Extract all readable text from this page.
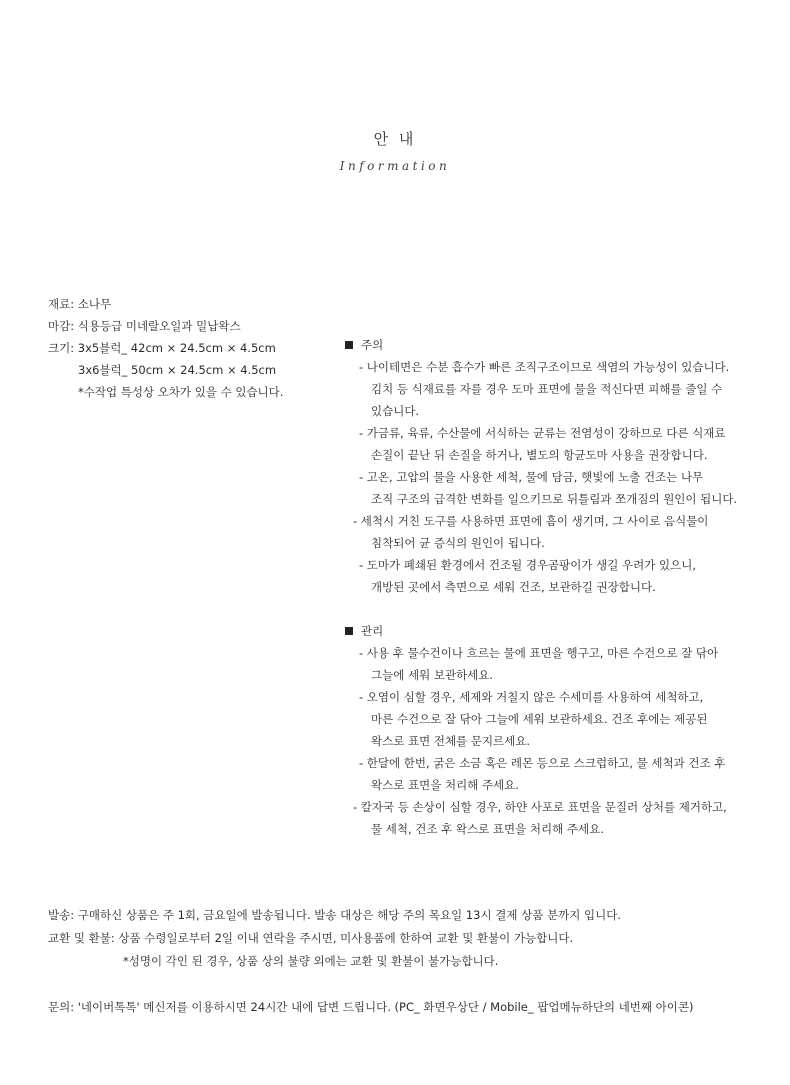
안 내
Information
재료: 소나무
마감: 식용등급 미네랄오일과 밀납왁스
크기: 3x5블럭_ 42cm × 24.5cm × 4.5cm
3x6블럭_ 50cm × 24.5cm × 4.5cm
*수작업 특성상 오차가 있을 수 있습니다.
주의
- 나이테면은 수분 흡수가 빠른 조직구조이므로 색염의 가능성이 있습니다.
김치 등 식재료를 자를 경우 도마 표면에 물을 적신다면 피해를 줄일 수
있습니다.
- 가금류, 육류, 수산물에 서식하는 균류는 전염성이 강하므로 다른 식재료
손질이 끝난 뒤 손질을 하거나, 별도의 항균도마 사용을 권장합니다.
- 고온, 고압의 물을 사용한 세척, 물에 담금, 햇빛에 노출 건조는 나무
조직 구조의 급격한 변화를 일으키므로 뒤틀림과 쪼개짐의 원인이 됩니다.
- 세척시 거친 도구를 사용하면 표면에 흠이 생기며, 그 사이로 음식물이
침착되어 균 증식의 원인이 됩니다.
- 도마가 폐쇄된 환경에서 건조될 경우곰팡이가 생길 우려가 있으니,
개방된 곳에서 측면으로 세워 건조, 보관하길 권장합니다.
관리
- 사용 후 물수건이나 흐르는 물에 표면을 헹구고, 마른 수건으로 잘 닦아
그늘에 세워 보관하세요.
- 오염이 심할 경우, 세제와 거칠지 않은 수세미를 사용하여 세척하고,
마른 수건으로 잘 닦아 그늘에 세워 보관하세요. 건조 후에는 제공된
왁스로 표면 전체를 문지르세요.
- 한달에 한번, 굵은 소금 혹은 레몬 등으로 스크럽하고, 물 세척과 건조 후
왁스로 표면을 처리해 주세요.
- 칼자국 등 손상이 심할 경우, 하얀 사포로 표면을 문질러 상처를 제거하고,
물 세척, 건조 후 왁스로 표면을 처리해 주세요.
발송: 구매하신 상품은 주 1회, 금요일에 발송됩니다. 발송 대상은 해당 주의 목요일 13시 결제 상품 분까지 입니다.
교환 및 환불: 상품 수령일로부터 2일 이내 연락을 주시면, 미사용품에 한하여 교환 및 환불이 가능합니다.
*성명이 각인 된 경우, 상품 상의 불량 외에는 교환 및 환불이 불가능합니다.
문의: '네이버톡톡' 메신저를 이용하시면 24시간 내에 답변 드립니다. (PC_ 화면우상단 / Mobile_ 팝업메뉴하단의 네번째 아이콘)
